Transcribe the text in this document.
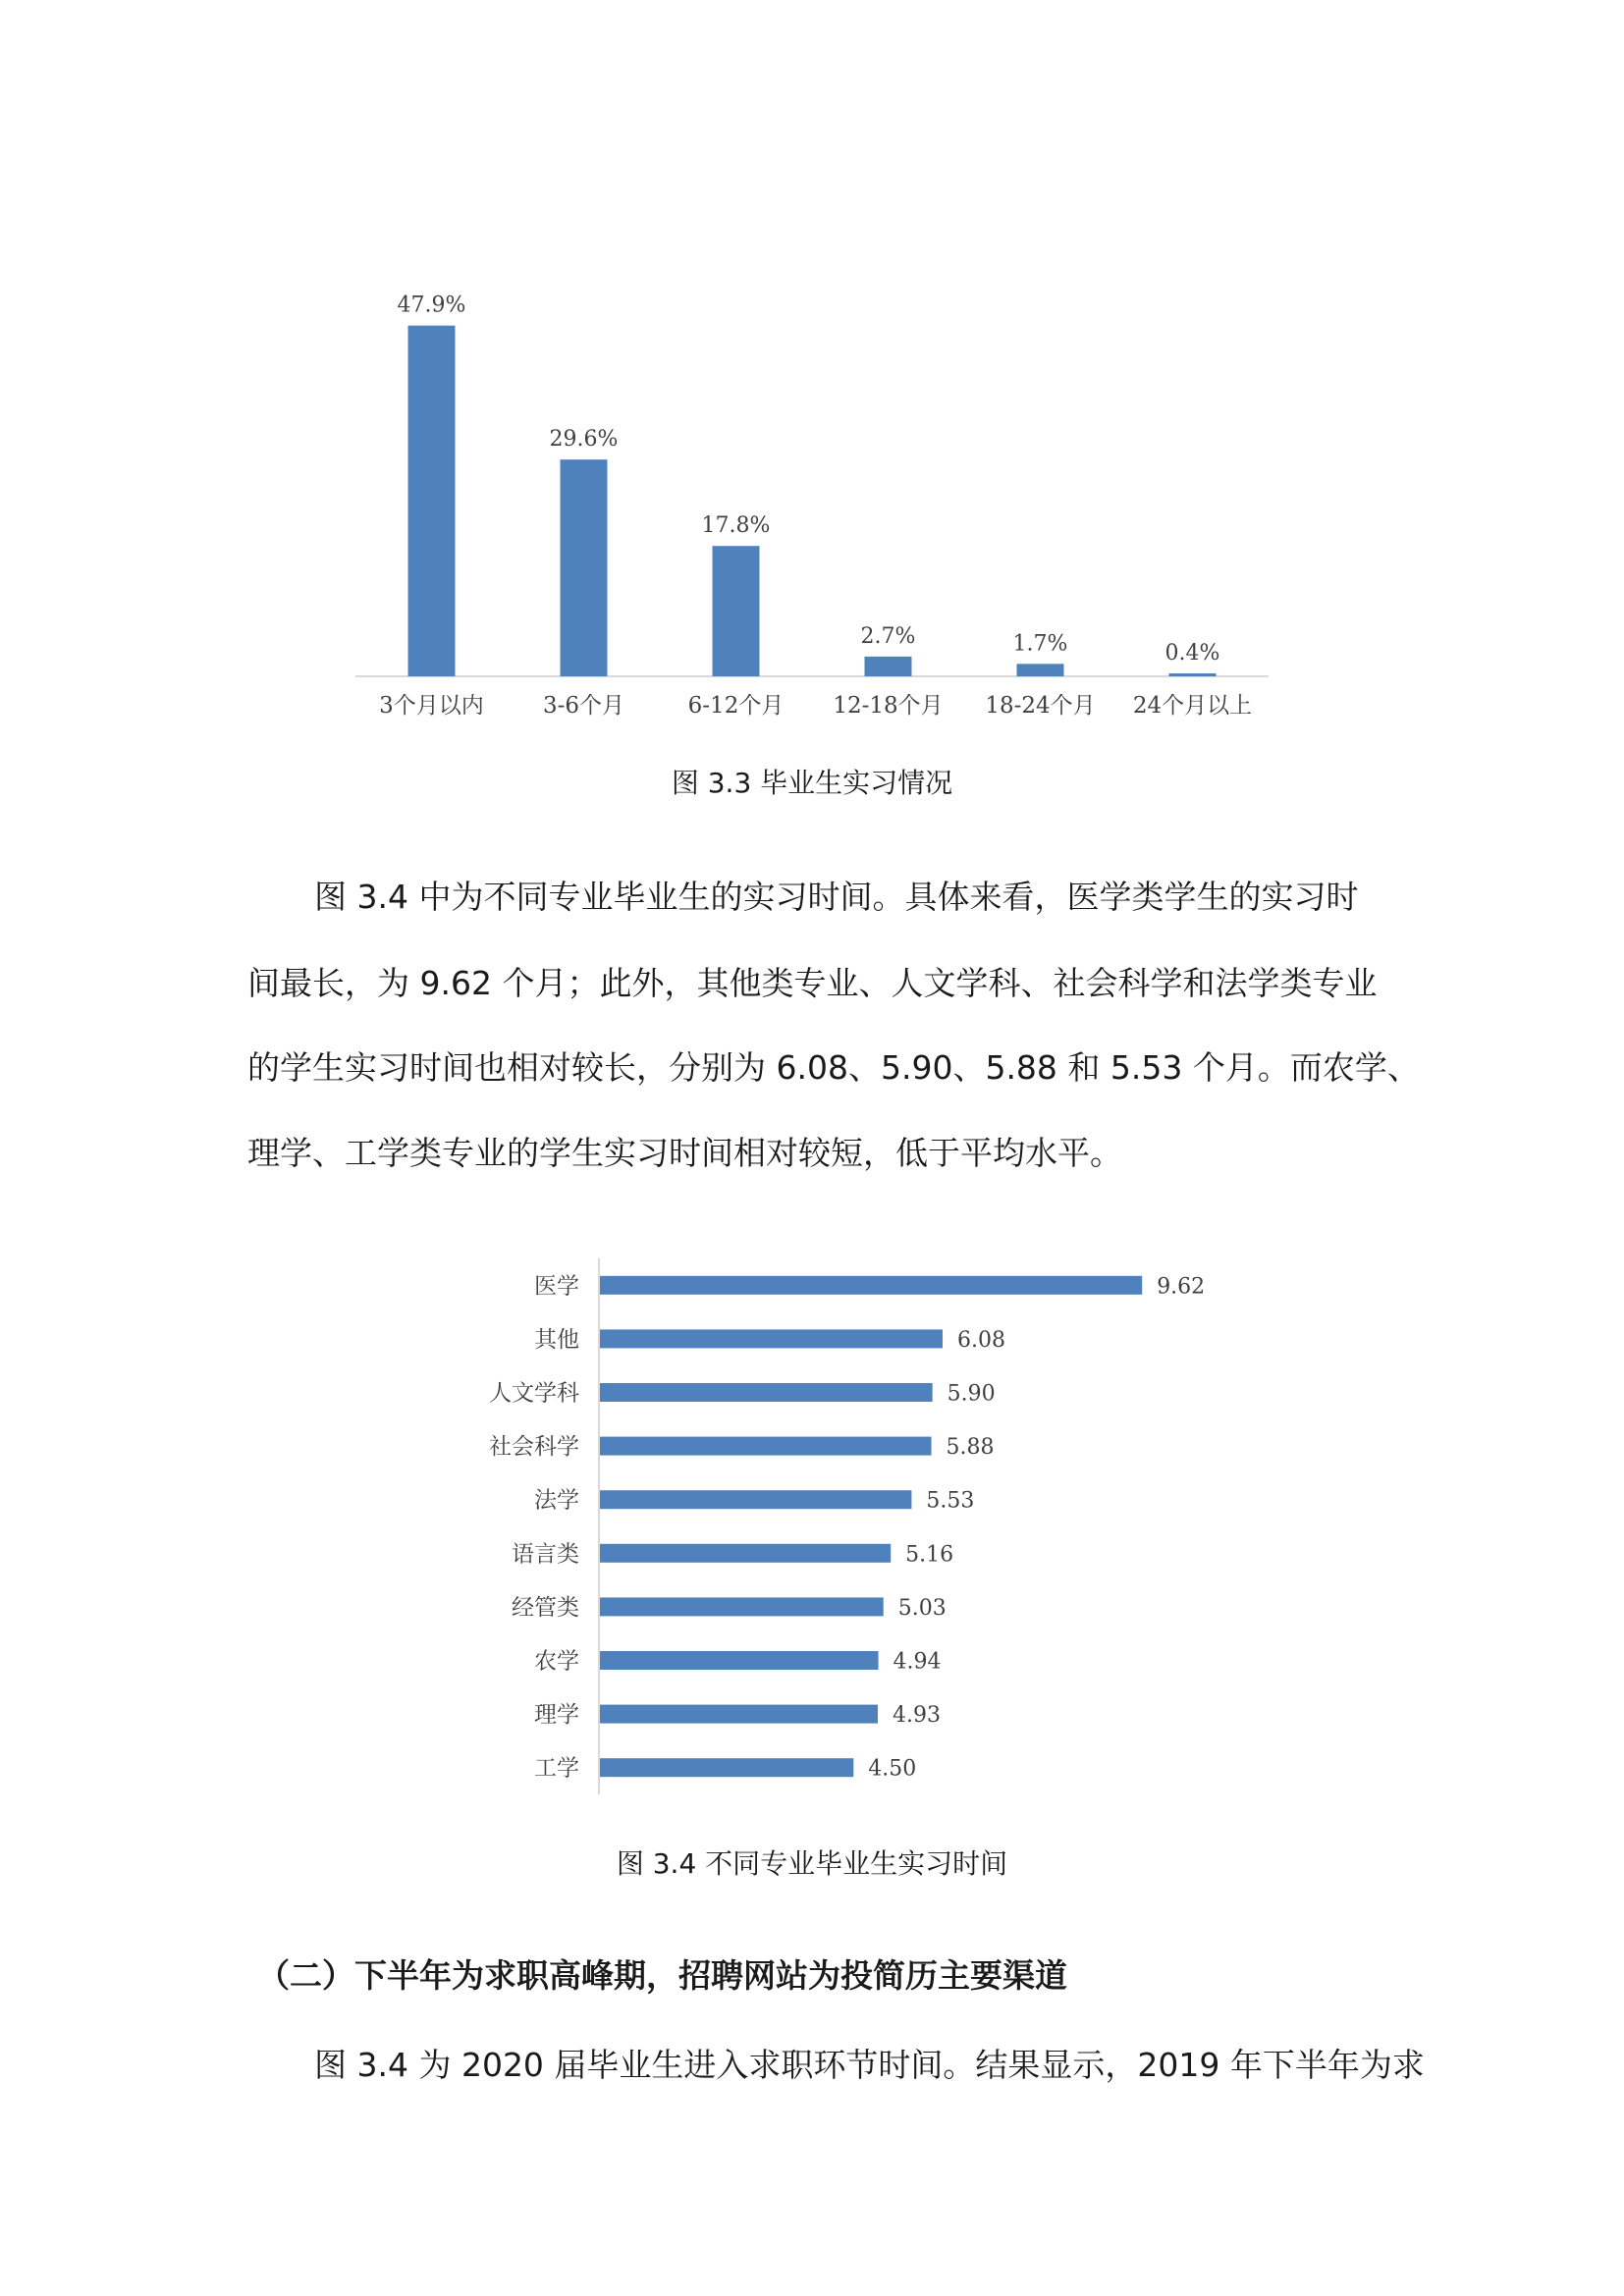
47.9%
3个月以内
29.6%
3-6个月
17.8%
6-12个月
2.7%
12-18个月
1.7%
18-24个月
0.4%
24个月以上
图 3.3 毕业生实习情况
图 3.4 中为不同专业毕业生的实习时间。具体来看，医学类学生的实习时
间最长，为 9.62 个月；此外，其他类专业、人文学科、社会科学和法学类专业
的学生实习时间也相对较长，分别为 6.08、5.90、5.88 和 5.53 个月。而农学、
理学、工学类专业的学生实习时间相对较短，低于平均水平。
9.62
医学
6.08
其他
5.90
人文学科
5.88
社会科学
5.53
法学
5.16
语言类
5.03
经管类
4.94
农学
4.93
理学
4.50
工学
图 3.4 不同专业毕业生实习时间
（二）下半年为求职高峰期，招聘网站为投简历主要渠道
图 3.4 为 2020 届毕业生进入求职环节时间。结果显示，2019 年下半年为求
